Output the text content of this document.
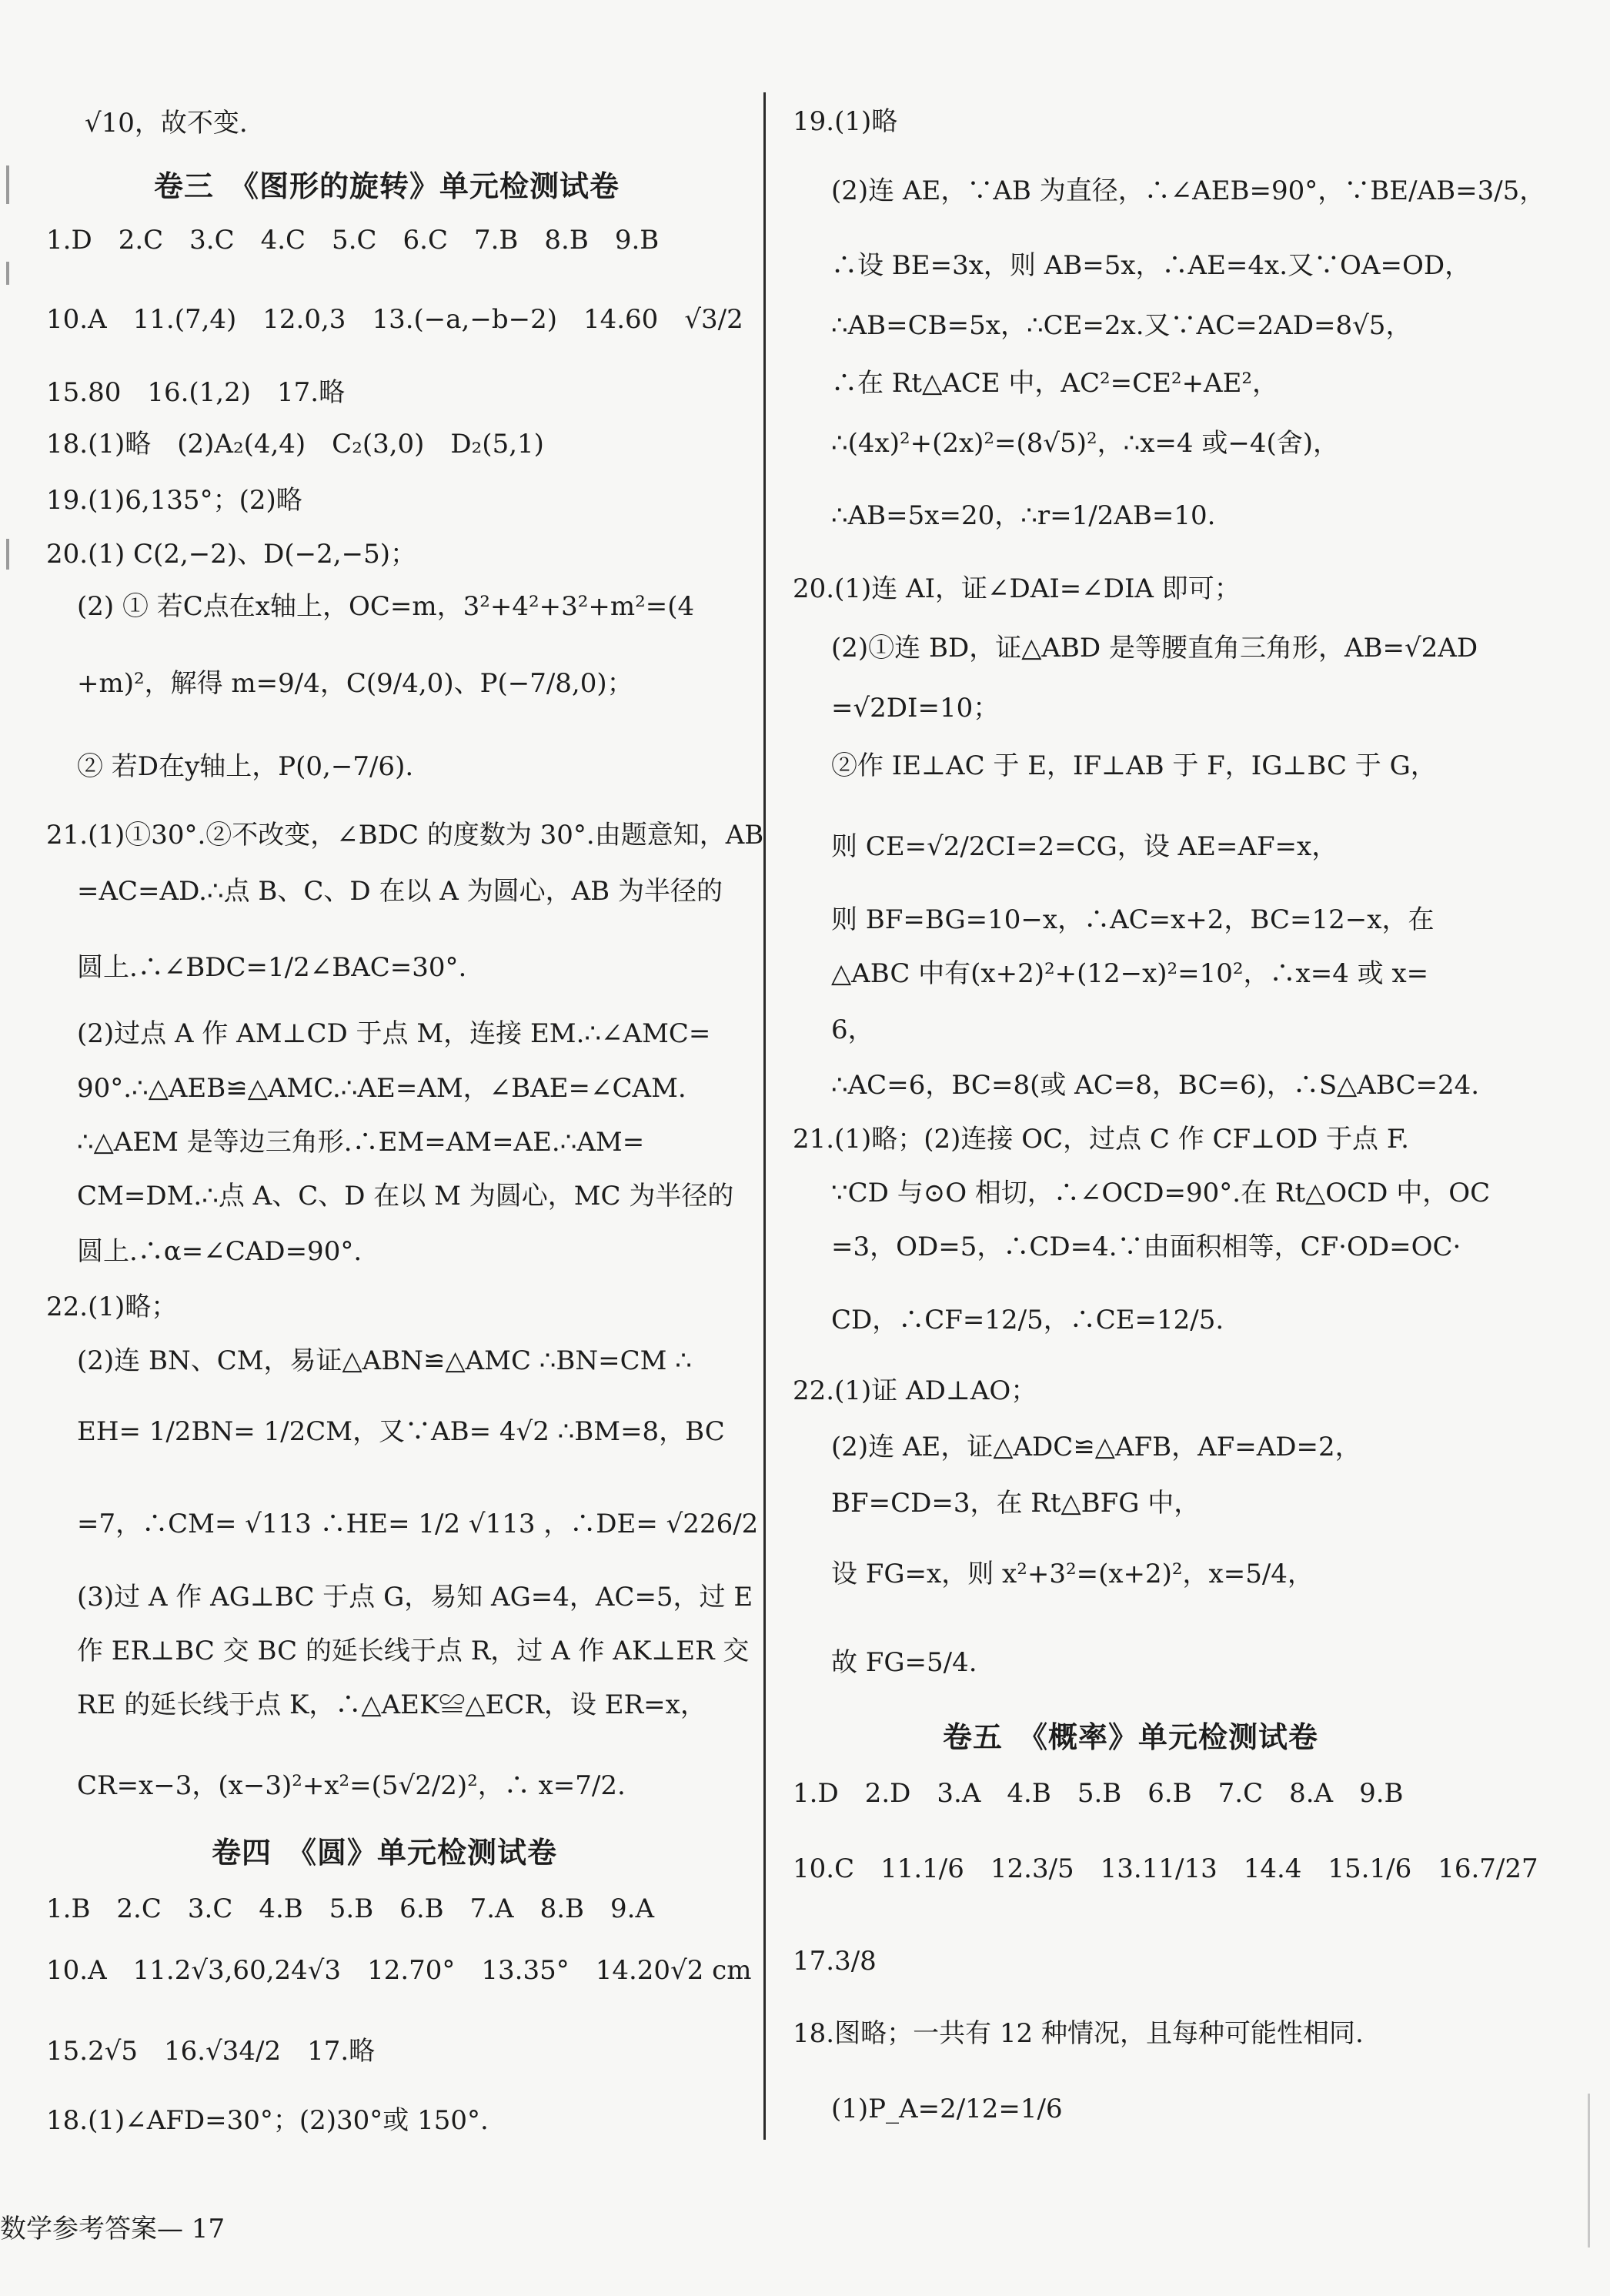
√10，故不变.
卷三　《图形的旋转》单元检测试卷
1.D　2.C　3.C　4.C　5.C　6.C　7.B　8.B　9.B
10.A　11.(7,4)　12.0,3　13.(−a,−b−2)　14.60　√3/2
15.80　16.(1,2)　17.略
18.(1)略　(2)A₂(4,4)　C₂(3,0)　D₂(5,1)
19.(1)6,135°；(2)略
20.(1) C(2,−2)、D(−2,−5)；
(2) ① 若C点在x轴上，OC=m，3²+4²+3²+m²=(4
+m)²，解得 m=9/4，C(9/4,0)、P(−7/8,0)；
② 若D在y轴上，P(0,−7/6).
21.(1)①30°.②不改变，∠BDC 的度数为 30°.由题意知，AB
=AC=AD.∴点 B、C、D 在以 A 为圆心，AB 为半径的
圆上.∴∠BDC=1/2∠BAC=30°.
(2)过点 A 作 AM⊥CD 于点 M，连接 EM.∴∠AMC=
90°.∴△AEB≌△AMC.∴AE=AM，∠BAE=∠CAM.
∴△AEM 是等边三角形.∴EM=AM=AE.∴AM=
CM=DM.∴点 A、C、D 在以 M 为圆心，MC 为半径的
圆上.∴α=∠CAD=90°.
22.(1)略；
(2)连 BN、CM，易证△ABN≌△AMC ∴BN=CM ∴
EH= 1/2BN= 1/2CM，又∵AB= 4√2 ∴BM=8，BC
=7，∴CM= √113 ∴HE= 1/2 √113 ，∴DE= √226/2
(3)过 A 作 AG⊥BC 于点 G，易知 AG=4，AC=5，过 E
作 ER⊥BC 交 BC 的延长线于点 R，过 A 作 AK⊥ER 交
RE 的延长线于点 K，∴△AEK≌△ECR，设 ER=x，
CR=x−3，(x−3)²+x²=(5√2/2)²，∴ x=7/2.
卷四　《圆》单元检测试卷
1.B　2.C　3.C　4.B　5.B　6.B　7.A　8.B　9.A
10.A　11.2√3,60,24√3　12.70°　13.35°　14.20√2 cm
15.2√5　16.√34/2　17.略
18.(1)∠AFD=30°；(2)30°或 150°.
19.(1)略
(2)连 AE，∵AB 为直径，∴∠AEB=90°，∵BE/AB=3/5，
∴设 BE=3x，则 AB=5x，∴AE=4x.又∵OA=OD，
∴AB=CB=5x，∴CE=2x.又∵AC=2AD=8√5，
∴在 Rt△ACE 中，AC²=CE²+AE²，
∴(4x)²+(2x)²=(8√5)²，∴x=4 或−4(舍)，
∴AB=5x=20，∴r=1/2AB=10.
20.(1)连 AI，证∠DAI=∠DIA 即可；
(2)①连 BD，证△ABD 是等腰直角三角形，AB=√2AD
=√2DI=10；
②作 IE⊥AC 于 E，IF⊥AB 于 F，IG⊥BC 于 G，
则 CE=√2/2CI=2=CG，设 AE=AF=x，
则 BF=BG=10−x，∴AC=x+2，BC=12−x，在
△ABC 中有(x+2)²+(12−x)²=10²，∴x=4 或 x=
6，
∴AC=6，BC=8(或 AC=8，BC=6)，∴S△ABC=24.
21.(1)略；(2)连接 OC，过点 C 作 CF⊥OD 于点 F.
∵CD 与⊙O 相切，∴∠OCD=90°.在 Rt△OCD 中，OC
=3，OD=5，∴CD=4.∵由面积相等，CF·OD=OC·
CD，∴CF=12/5，∴CE=12/5.
22.(1)证 AD⊥AO；
(2)连 AE，证△ADC≌△AFB，AF=AD=2，
BF=CD=3，在 Rt△BFG 中，
设 FG=x，则 x²+3²=(x+2)²，x=5/4，
故 FG=5/4.
卷五　《概率》单元检测试卷
1.D　2.D　3.A　4.B　5.B　6.B　7.C　8.A　9.B
10.C　11.1/6　12.3/5　13.11/13　14.4　15.1/6　16.7/27
17.3/8
18.图略；一共有 12 种情况，且每种可能性相同.
(1)P_A=2/12=1/6
数学参考答案— 17
